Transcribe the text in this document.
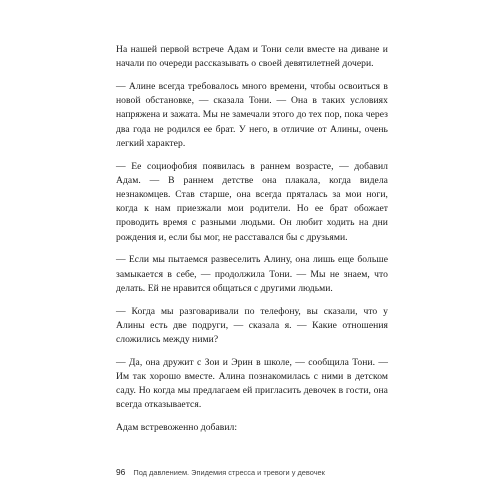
На нашей первой встрече Адам и Тони сели вместе на диване и начали по очереди рассказывать о своей девятилетней дочери.

— Алине всегда требовалось много времени, чтобы освоиться в новой обстановке, — сказала Тони. — Она в таких условиях напряжена и зажата. Мы не замечали этого до тех пор, пока через два года не родился ее брат. У него, в отличие от Алины, очень легкий характер.

— Ее социофобия появилась в раннем возрасте, — добавил Адам. — В раннем детстве она плакала, когда видела незнакомцев. Став старше, она всегда пряталась за мои ноги, когда к нам приезжали мои родители. Но ее брат обожает проводить время с разными людьми. Он любит ходить на дни рождения и, если бы мог, не расставался бы с друзьями.

— Если мы пытаемся развеселить Алину, она лишь еще больше замыкается в себе, — продолжила Тони. — Мы не знаем, что делать. Ей не нравится общаться с другими людьми.

— Когда мы разговаривали по телефону, вы сказали, что у Алины есть две подруги, — сказала я. — Какие отношения сложились между ними?

— Да, она дружит с Зои и Эрин в школе, — сообщила Тони. — Им так хорошо вместе. Алина познакомилась с ними в детском саду. Но когда мы предлагаем ей пригласить девочек в гости, она всегда отказывается.

Адам встревоженно добавил:

96 Под давлением. Эпидемия стресса и тревоги у девочек
